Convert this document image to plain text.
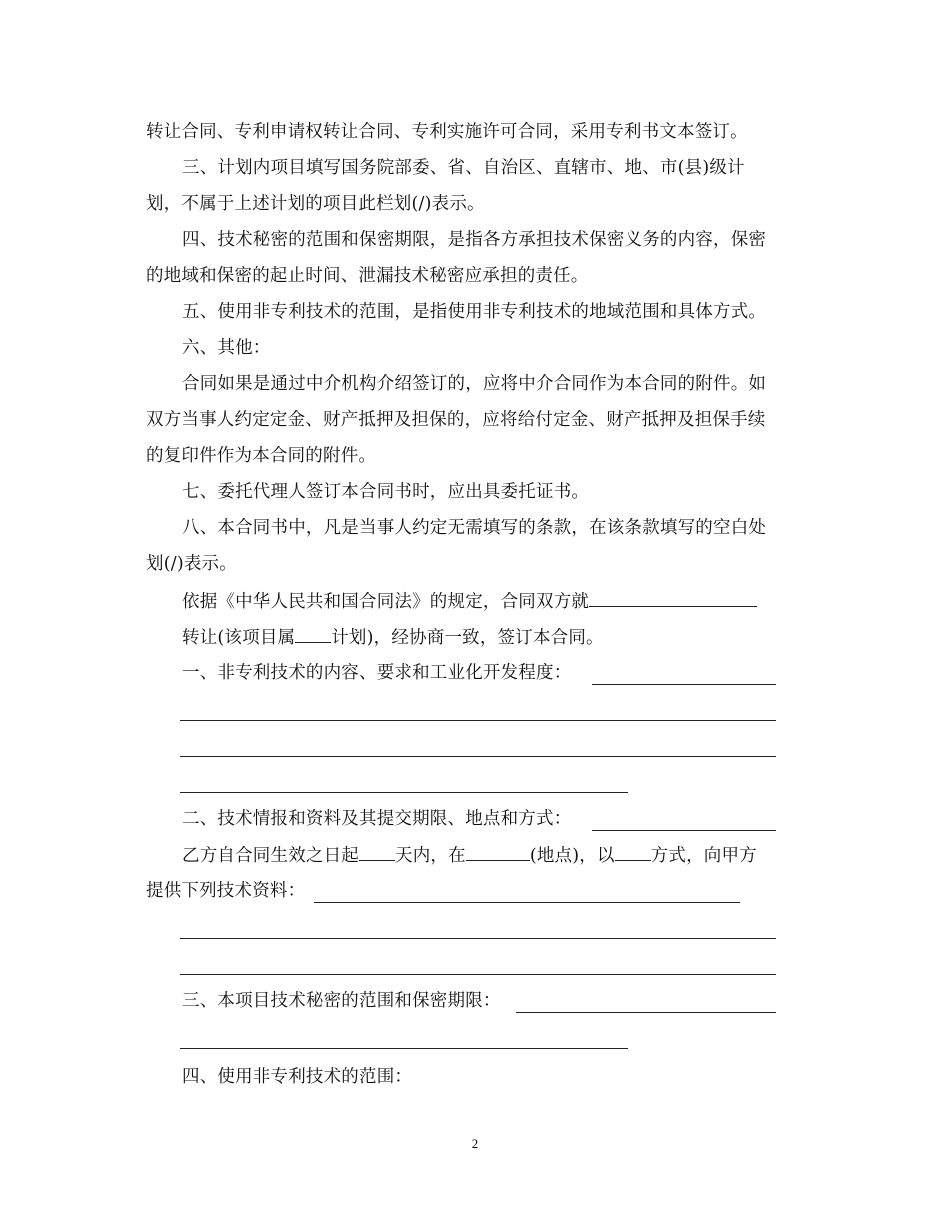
转让合同、专利申请权转让合同、专利实施许可合同，采用专利书文本签订。
三、计划内项目填写国务院部委、省、自治区、直辖市、地、市(县)级计
划，不属于上述计划的项目此栏划(/)表示。
四、技术秘密的范围和保密期限，是指各方承担技术保密义务的内容，保密
的地域和保密的起止时间、泄漏技术秘密应承担的责任。
五、使用非专利技术的范围，是指使用非专利技术的地域范围和具体方式。
六、其他：
合同如果是通过中介机构介绍签订的，应将中介合同作为本合同的附件。如
双方当事人约定定金、财产抵押及担保的，应将给付定金、财产抵押及担保手续
的复印件作为本合同的附件。
七、委托代理人签订本合同书时，应出具委托证书。
八、本合同书中，凡是当事人约定无需填写的条款，在该条款填写的空白处
划(/)表示。
依据《中华人民共和国合同法》的规定，合同双方就
转让(该项目属 计划)，经协商一致，签订本合同。
一、非专利技术的内容、要求和工业化开发程度：
二、技术情报和资料及其提交期限、地点和方式：
乙方自合同生效之日起 天内，在	(地点)，以 方式，向甲方
提供下列技术资料：
三、本项目技术秘密的范围和保密期限：
四、使用非专利技术的范围：
2
